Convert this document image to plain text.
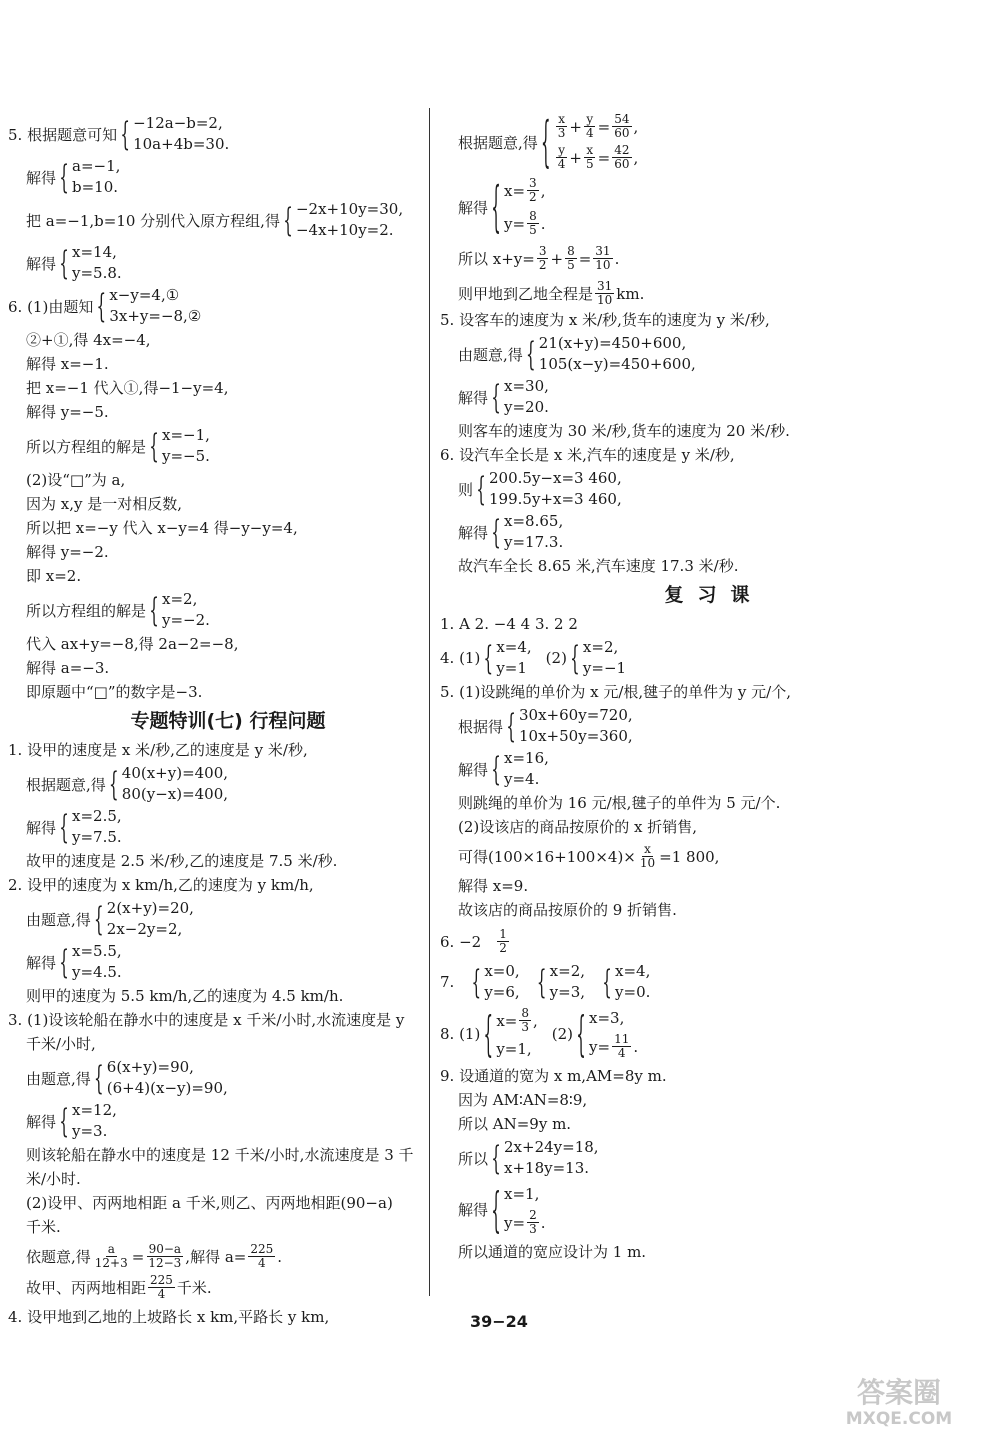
5. 根据题意可知 { −12a−b=2,
10a+4b=30.
解得 { a=−1,
b=10.
把 a=−1,b=10 分别代入原方程组,得 { −2x+10y=30,
−4x+10y=2.
解得 { x=14,
y=5.8.
6. (1)由题知 { x−y=4,①
3x+y=−8,②

②+①,得 4x=−4,

解得 x=−1.

把 x=−1 代入①,得−1−y=4,

解得 y=−5.

所以方程组的解是 { x=−1,
y=−5.

(2)设“□”为 a,

因为 x,y 是一对相反数,

所以把 x=−y 代入 x−y=4 得−y−y=4,

解得 y=−2.

即 x=2.

所以方程组的解是 { x=2,
y=−2.

代入 ax+y=−8,得 2a−2=−8,

解得 a=−3.

即原题中“□”的数字是−3.

专题特训(七) 行程问题

1. 设甲的速度是 x 米/秒,乙的速度是 y 米/秒,

根据题意,得 { 40(x+y)=400,
80(y−x)=400,
解得 { x=2.5,
y=7.5.

故甲的速度是 2.5 米/秒,乙的速度是 7.5 米/秒.

2. 设甲的速度为 x km/h,乙的速度为 y km/h,

由题意,得 { 2(x+y)=20,
2x−2y=2,
解得 { x=5.5,
y=4.5.

则甲的速度为 5.5 km/h,乙的速度为 4.5 km/h.

3. (1)设该轮船在静水中的速度是 x 千米/小时,水流速度是 y

千米/小时,

由题意,得 { 6(x+y)=90,
(6+4)(x−y)=90,
解得 { x=12,
y=3.

则该轮船在静水中的速度是 12 千米/小时,水流速度是 3 千

米/小时.

(2)设甲、丙两地相距 a 千米,则乙、丙两地相距(90−a)

千米.

依题意,得 $\frac{a}{12+3} = \frac{90-a}{12-3}$ ,解得 $a= \frac{225}{4}$ .
故甲、丙两地相距 $\frac{225}{4}$ 千米.

4. 设甲地到乙地的上坡路长 x km,平路长 y km,

根据题意,得 { $\frac{x}{3} + \frac{y}{4} = \frac{54}{60}$ ,
$\frac{y}{4} + \frac{x}{5} = \frac{42}{60}$ ,
解得 { $x= \frac{3}{2}$ ,
$y= \frac{8}{5}$ .
所以 $x+y= \frac{3}{2} + \frac{8}{5} = \frac{31}{10}$ .
则甲地到乙地全程是 $\frac{31}{10}$ km.

5. 设客车的速度为 x 米/秒,货车的速度为 y 米/秒,

由题意,得 { 21(x+y)=450+600,
105(x−y)=450+600,
解得 { x=30,
y=20.

则客车的速度为 30 米/秒,货车的速度为 20 米/秒.

6. 设汽车全长是 x 米,汽车的速度是 y 米/秒,

则 { 200.5y−x=3 460,
199.5y+x=3 460,
解得 { x=8.65,
y=17.3.

故汽车全长 8.65 米,汽车速度 17.3 米/秒.

复习课

1. A 2. −4 4 3. 2 2

4. (1) { x=4,
y=1
(2) { x=2,
y=−1

5. (1)设跳绳的单价为 x 元/根,毽子的单件为 y 元/个,

根据得 { 30x+60y=720,
10x+50y=360,
解得 { x=16,
y=4.

则跳绳的单价为 16 元/根,毽子的单件为 5 元/个.

(2)设该店的商品按原价的 x 折销售,

可得$(100\times 16+100\times 4)\times \frac{x}{10} =1$ 800,

解得 x=9.

故该店的商品按原价的 9 折销售.

6. $-2 \frac{1}{2}$
7. { x=0,
y=6, { x=2,
y=3, { x=4,
y=0.
8. (1) { $x= \frac{8}{3}$ ,
y=1,
(2) { x=3,
$y= \frac{11}{4}$ .

9. 设通道的宽为 x m,AM=8y m.

因为 AM∶AN=8∶9,

所以 AN=9y m.

所以 { 2x+24y=18,
x+18y=13.
解得 { x=1,
$y= \frac{2}{3}$ .

所以通道的宽应设计为 1 m.

39−24
答案圈
MXQE.COM
